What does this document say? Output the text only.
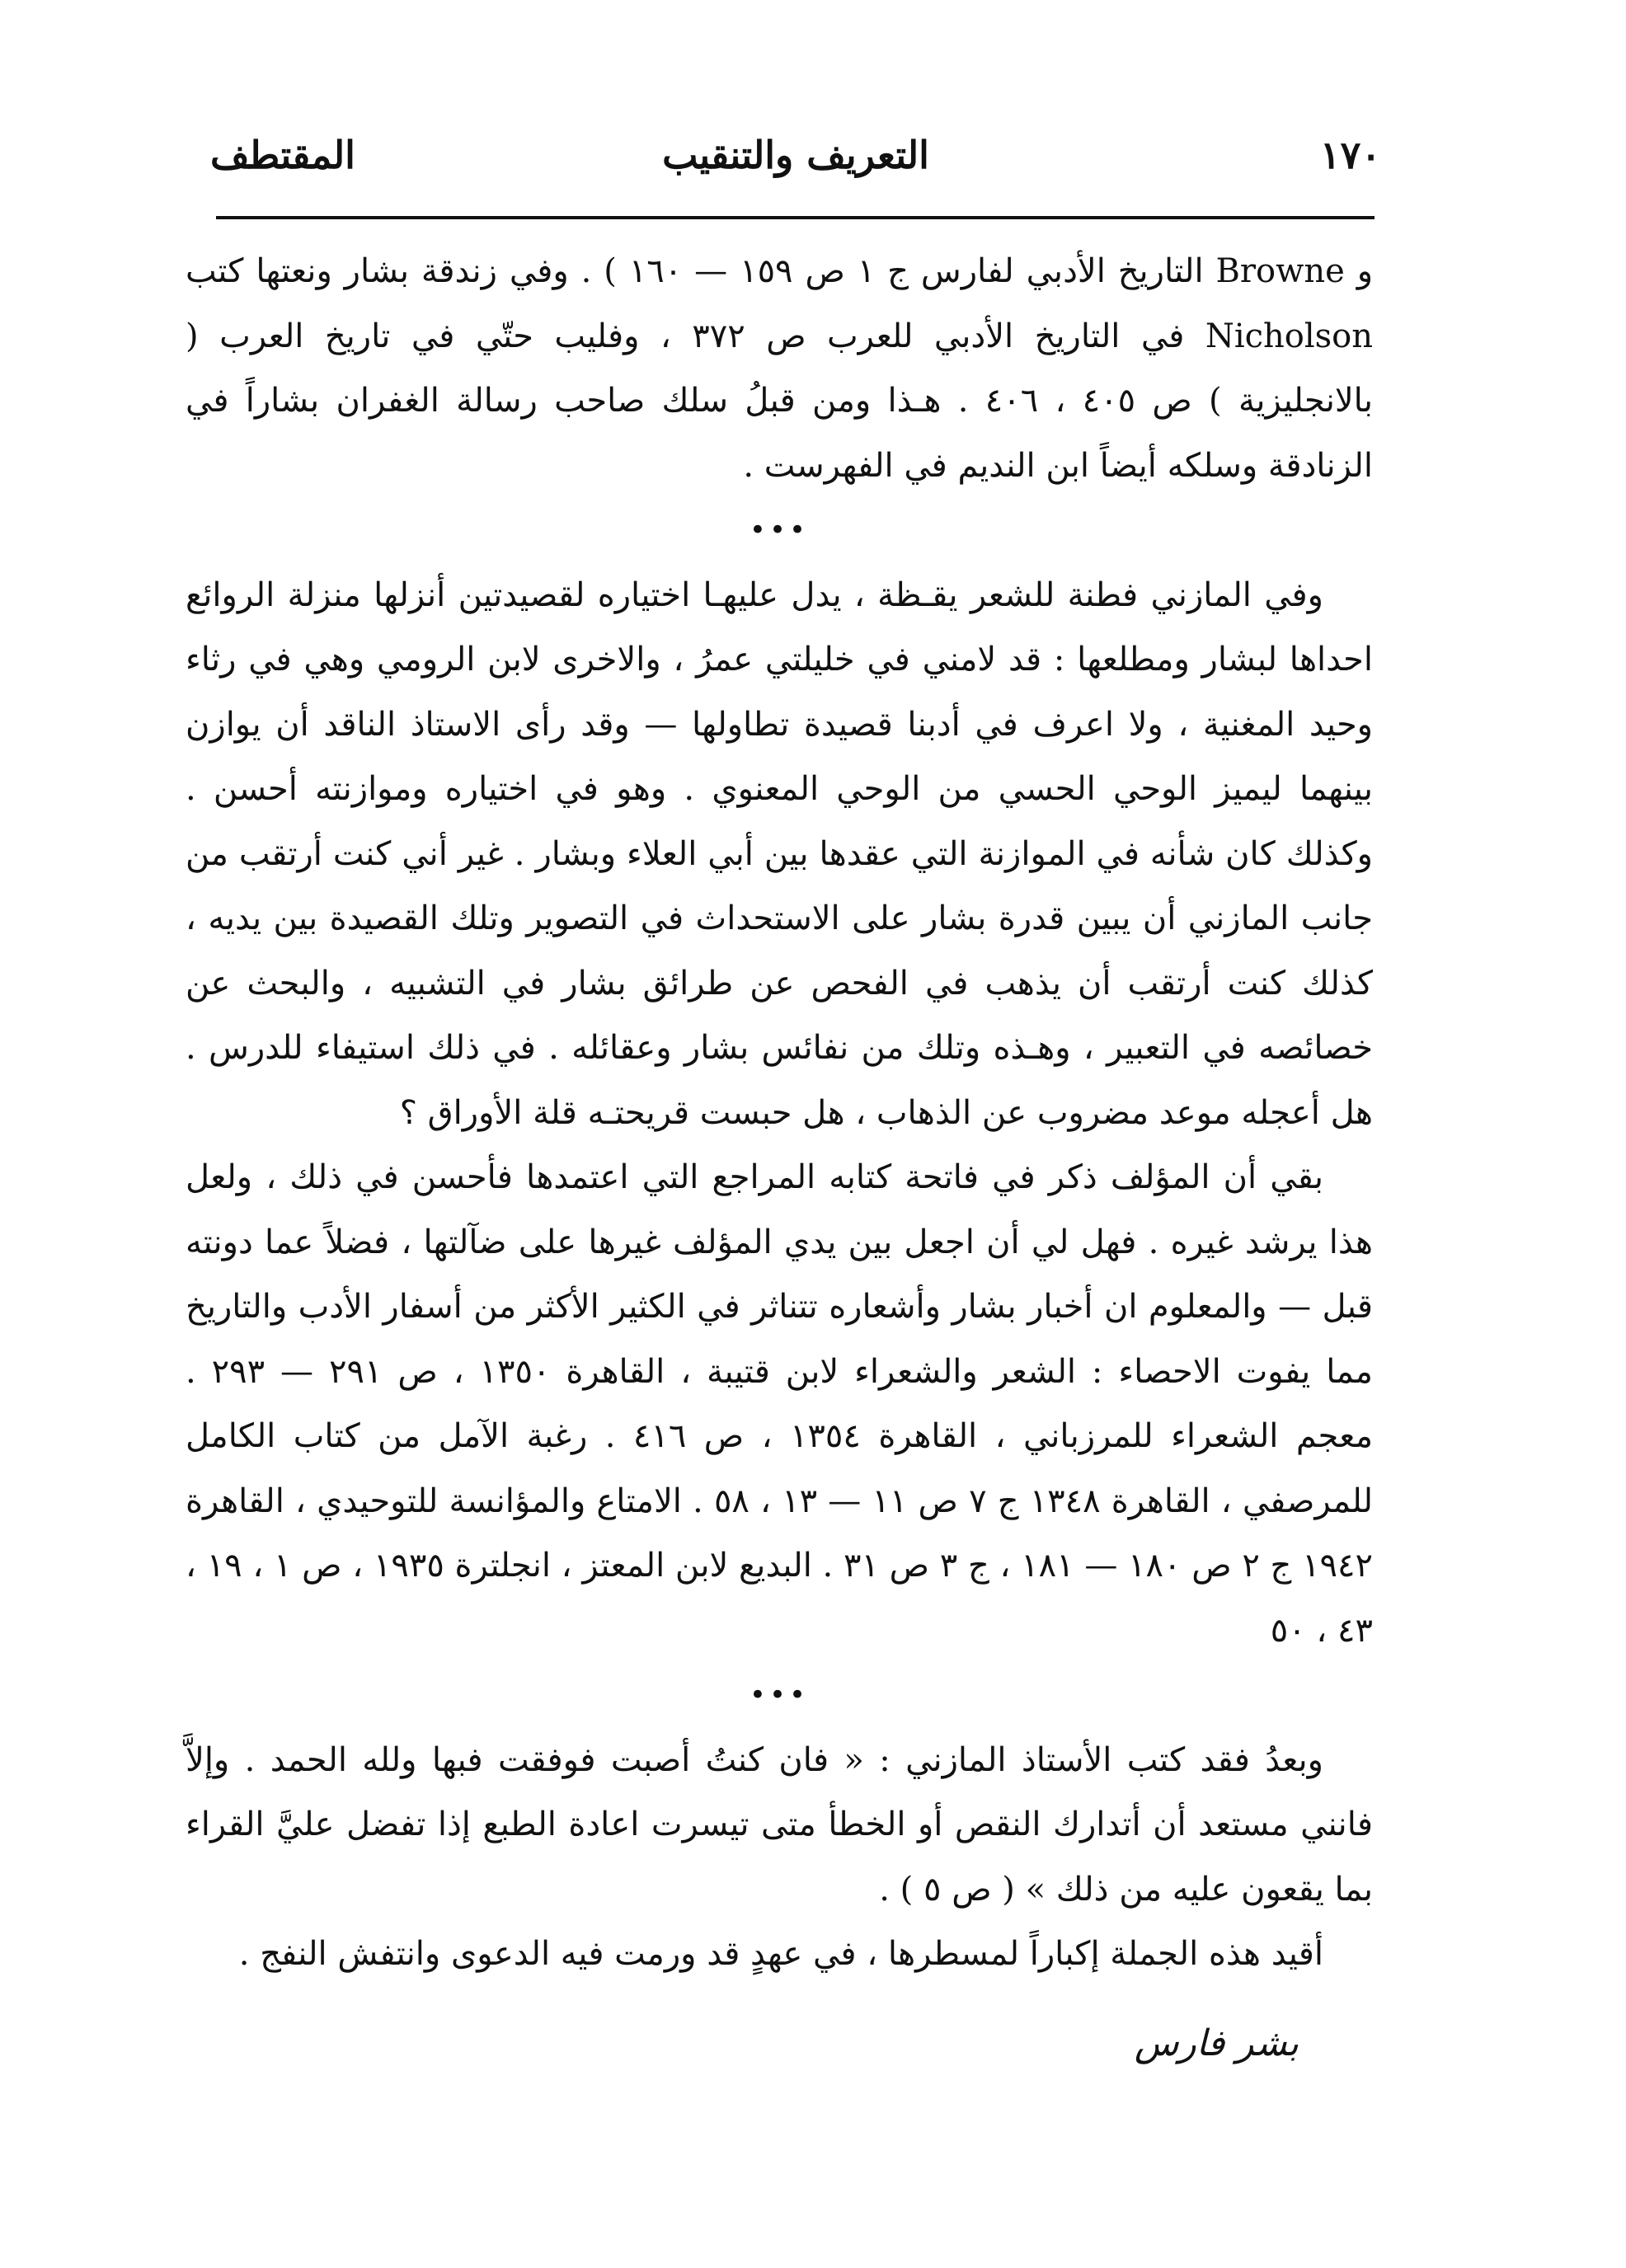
١٧٠
التعريف والتنقيب
المقتطف

و Browne التاريخ الأدبي لفارس ج ١ ص ١٥٩ — ١٦٠ ) . وفي زندقة بشار ونعتها كتب Nicholson في التاريخ الأدبي للعرب ص ٣٧٢ ، وفليب حتّي في تاريخ العرب ( بالانجليزية ) ص ٤٠٥ ، ٤٠٦ . هـذا ومن قبلُ سلك صاحب رسالة الغفران بشاراً في الزنادقة وسلكه أيضاً ابن النديم في الفهرست .

•••

وفي المازني فطنة للشعر يقـظة ، يدل عليهـا اختياره لقصيدتين أنزلها منزلة الروائع احداها لبشار ومطلعها : قد لامني في خليلتي عمرُ ، والاخرى لابن الرومي وهي في رثاء وحيد المغنية ، ولا اعرف في أدبنا قصيدة تطاولها — وقد رأى الاستاذ الناقد أن يوازن بينهما ليميز الوحي الحسي من الوحي المعنوي . وهو في اختياره وموازنته أحسن . وكذلك كان شأنه في الموازنة التي عقدها بين أبي العلاء وبشار . غير أني كنت أرتقب من جانب المازني أن يبين قدرة بشار على الاستحداث في التصوير وتلك القصيدة بين يديه ، كذلك كنت أرتقب أن يذهب في الفحص عن طرائق بشار في التشبيه ، والبحث عن خصائصه في التعبير ، وهـذه وتلك من نفائس بشار وعقائله . في ذلك استيفاء للدرس . هل أعجله موعد مضروب عن الذهاب ، هل حبست قريحتـه قلة الأوراق ؟

بقي أن المؤلف ذكر في فاتحة كتابه المراجع التي اعتمدها فأحسن في ذلك ، ولعل هذا يرشد غيره . فهل لي أن اجعل بين يدي المؤلف غيرها على ضآلتها ، فضلاً عما دونته قبل — والمعلوم ان أخبار بشار وأشعاره تتناثر في الكثير الأكثر من أسفار الأدب والتاريخ مما يفوت الاحصاء : الشعر والشعراء لابن قتيبة ، القاهرة ١٣٥٠ ، ص ٢٩١ — ٢٩٣ . معجم الشعراء للمرزباني ، القاهرة ١٣٥٤ ، ص ٤١٦ . رغبة الآمل من كتاب الكامل للمرصفي ، القاهرة ١٣٤٨ ج ٧ ص ١١ — ١٣ ، ٥٨ . الامتاع والمؤانسة للتوحيدي ، القاهرة ١٩٤٢ ج ٢ ص ١٨٠ — ١٨١ ، ج ٣ ص ٣١ . البديع لابن المعتز ، انجلترة ١٩٣٥ ، ص ١ ، ١٩ ، ٤٣ ، ٥٠

•••

وبعدُ فقد كتب الأستاذ المازني : « فان كنتُ أصبت فوفقت فبها ولله الحمد . وإلاَّ فانني مستعد أن أتدارك النقص أو الخطأ متى تيسرت اعادة الطبع إذا تفضل عليَّ القراء بما يقعون عليه من ذلك » ( ص ٥ ) .

أقيد هذه الجملة إكباراً لمسطرها ، في عهدٍ قد ورمت فيه الدعوى وانتفش النفج .

بشر فارس
